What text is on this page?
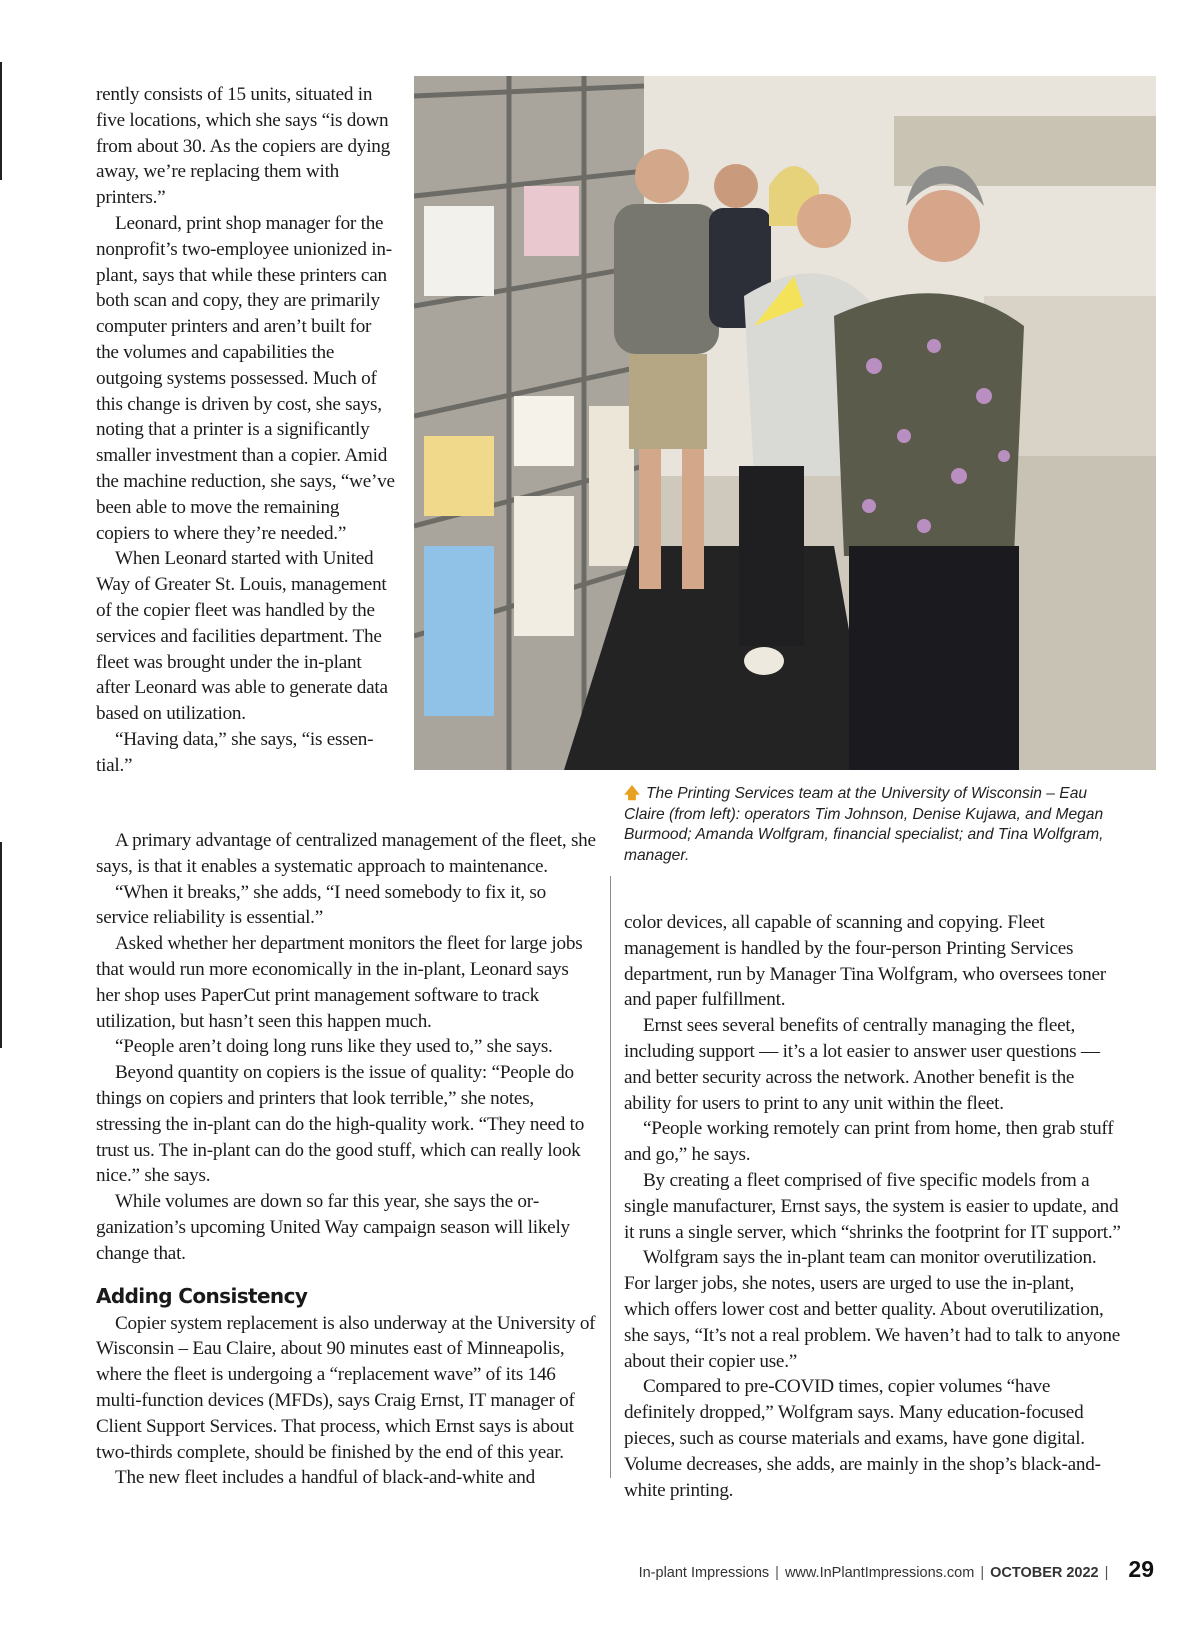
rently consists of 15 units, situated in five locations, which she says “is down from about 30. As the copiers are dying away, we’re replacing them with printers.”

Leonard, print shop manager for the nonprofit’s two-employee unionized in-plant, says that while these printers can both scan and copy, they are primarily computer printers and aren’t built for the volumes and capabilities the outgoing systems possessed. Much of this change is driven by cost, she says, noting that a printer is a significantly smaller investment than a copier. Amid the machine reduction, she says, “we’ve been able to move the remaining copiers to where they’re needed.”

When Leonard started with United Way of Greater St. Louis, management of the copier fleet was handled by the services and facilities department. The fleet was brought under the in-plant after Leonard was able to generate data based on utilization.

“Having data,” she says, “is essential.”

A primary advantage of centralized management of the fleet, she says, is that it enables a systematic approach to maintenance.

“When it breaks,” she adds, “I need somebody to fix it, so service reliability is essential.”

Asked whether her department monitors the fleet for large jobs that would run more economically in the in-plant, Leonard says her shop uses PaperCut print management software to track utilization, but hasn’t seen this happen much.

“People aren’t doing long runs like they used to,” she says.

Beyond quantity on copiers is the issue of quality: “People do things on copiers and printers that look terrible,” she notes, stressing the in-plant can do the high-quality work. “They need to trust us. The in-plant can do the good stuff, which can really look nice.” she says.

While volumes are down so far this year, she says the organization’s upcoming United Way campaign season will likely change that.

Adding Consistency

Copier system replacement is also underway at the University of Wisconsin – Eau Claire, about 90 minutes east of Minneapolis, where the fleet is undergoing a “replacement wave” of its 146 multi-function devices (MFDs), says Craig Ernst, IT manager of Client Support Services. That process, which Ernst says is about two-thirds complete, should be finished by the end of this year.

The new fleet includes a handful of black-and-white and

🡅 The Printing Services team at the University of Wisconsin – Eau Claire (from left): operators Tim Johnson, Denise Kujawa, and Megan Burmood; Amanda Wolfgram, financial specialist; and Tina Wolfgram, manager.

color devices, all capable of scanning and copying. Fleet management is handled by the four-person Printing Services department, run by Manager Tina Wolfgram, who oversees toner and paper fulfillment.

Ernst sees several benefits of centrally managing the fleet, including support — it’s a lot easier to answer user questions — and better security across the network. Another benefit is the ability for users to print to any unit within the fleet.

“People working remotely can print from home, then grab stuff and go,” he says.

By creating a fleet comprised of five specific models from a single manufacturer, Ernst says, the system is easier to update, and it runs a single server, which “shrinks the footprint for IT support.”

Wolfgram says the in-plant team can monitor overutilization. For larger jobs, she notes, users are urged to use the in-plant, which offers lower cost and better quality. About overutilization, she says, “It’s not a real problem. We haven’t had to talk to anyone about their copier use.”

Compared to pre-COVID times, copier volumes “have definitely dropped,” Wolfgram says. Many education-focused pieces, such as course materials and exams, have gone digital. Volume decreases, she adds, are mainly in the shop’s black-and-white printing.

In-plant Impressions | www.InPlantImpressions.com | OCTOBER 2022 | 29
